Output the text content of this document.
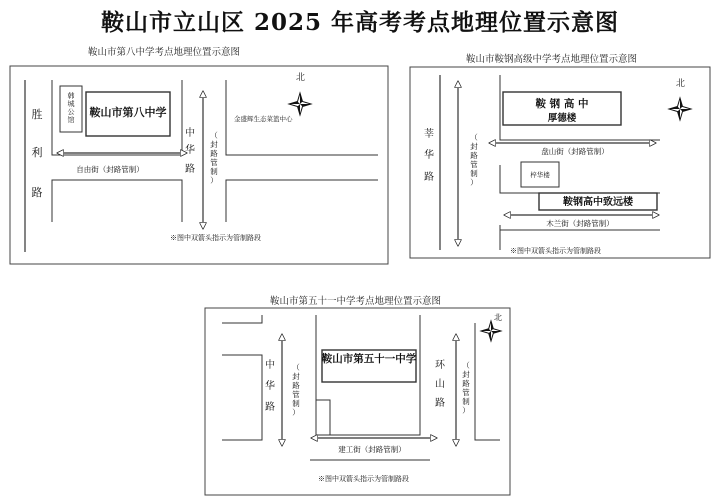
鞍山市立山区 2025 年高考考点地理位置示意图
鞍山市第八中学考点地理位置示意图
鞍山市鞍钢高级中学考点地理位置示意图
鞍山市第五十一中学考点地理位置示意图
北
鞍山市第八中学
韩城公馆	金盛辉生态菜篮中心
胜
利
路
中
华
路
（
封
路
管
制
）
自由街（封路管制）
※图中双箭头指示为管制路段
北
鞍 钢 高 中
厚德楼
梓华楼
鞍钢高中致远楼
莘
华
路
（
封
路
管
制
）
盘山街（封路管制）
木兰街（封路管制）
※图中双箭头指示为管制路段
北
鞍山市第五十一中学
中
华
路
环
山
路
（
封
路
管
制
）
（
封
路
管
制
）
建工街（封路管制）
※图中双箭头指示为管制路段
